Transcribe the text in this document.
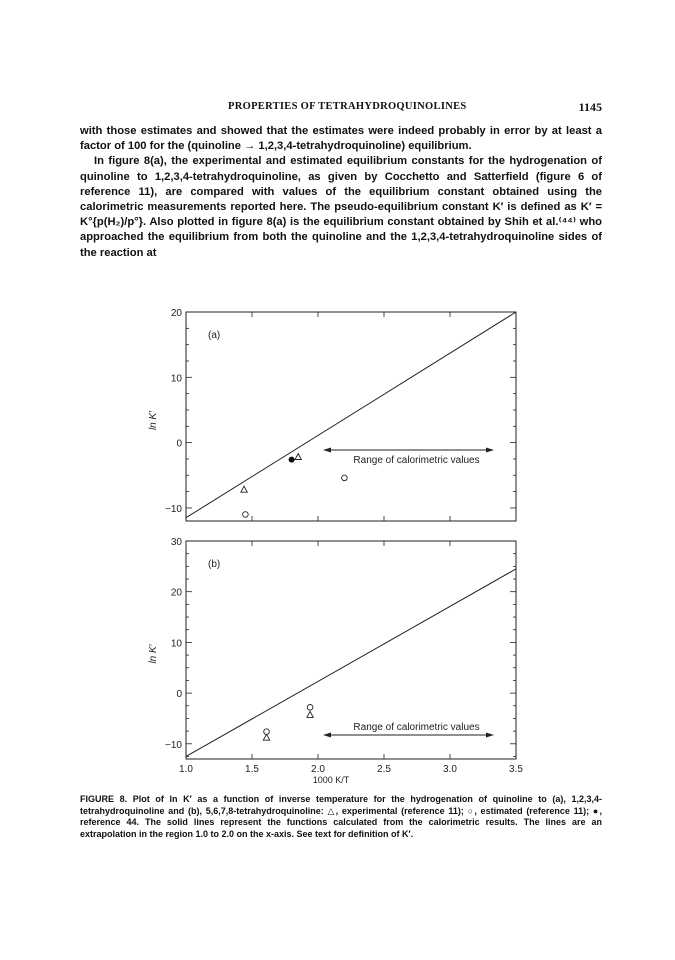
PROPERTIES OF TETRAHYDROQUINOLINES	1145

with those estimates and showed that the estimates were indeed probably in error by at least a factor of 100 for the (quinoline → 1,2,3,4-tetrahydroquinoline) equilibrium.

In figure 8(a), the experimental and estimated equilibrium constants for the hydrogenation of quinoline to 1,2,3,4-tetrahydroquinoline, as given by Cocchetto and Satterfield (figure 6 of reference 11), are compared with values of the equilibrium constant obtained using the calorimetric measurements reported here. The pseudo-equilibrium constant K′ is defined as K′ = K°{p(H₂)/p°}. Also plotted in figure 8(a) is the equilibrium constant obtained by Shih et al.⁽⁴⁴⁾ who approached the equilibrium from both the quinoline and the 1,2,3,4-tetrahydroquinoline sides of the reaction at

20
10
0
−10
ln K′
(a)
Range of calorimetric values
30
20
10
0
−10
ln K′
(b)
Range of calorimetric values
1.0	1.5	2.0	2.5	3.0	3.5
1000 K/T
FIGURE 8. Plot of ln K′ as a function of inverse temperature for the hydrogenation of quinoline to (a), 1,2,3,4-tetrahydroquinoline and (b), 5,6,7,8-tetrahydroquinoline: △, experimental (reference 11); ○, estimated (reference 11); ●, reference 44. The solid lines represent the functions calculated from the calorimetric results. The lines are an extrapolation in the region 1.0 to 2.0 on the x-axis. See text for definition of K′.
